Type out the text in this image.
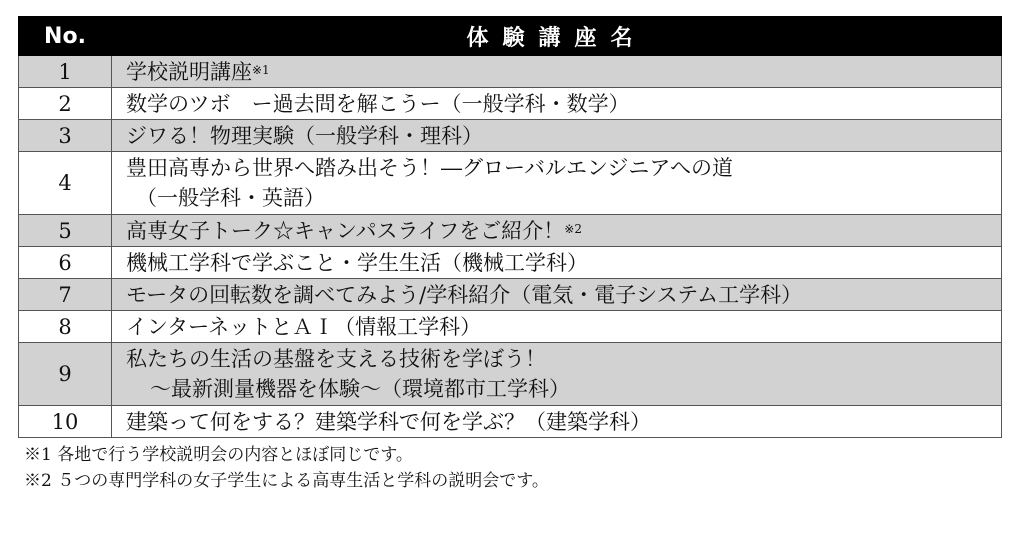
No.	体験講座名
1	学校説明講座$^{※1}$
2	数学のツボ　ー過去問を解こうー（一般学科・数学）
3	ジワる！物理実験（一般学科・理科）
4	豊田高専から世界へ踏み出そう！―グローバルエンジニアへの道
（一般学科・英語）

5	高専女子トーク☆キャンパスライフをご紹介！$^{※2}$
6	機械工学科で学ぶこと・学生生活（機械工学科）
7	モータの回転数を調べてみよう/学科紹介（電気・電子システム工学科）
8	インターネットとＡＩ（情報工学科）
9	私たちの生活の基盤を支える技術を学ぼう！
～最新測量機器を体験～（環境都市工学科）

10	建築って何をする？建築学科で何を学ぶ？（建築学科）
※1 各地で行う学校説明会の内容とほぼ同じです。
※2 ５つの専門学科の女子学生による高専生活と学科の説明会です。
